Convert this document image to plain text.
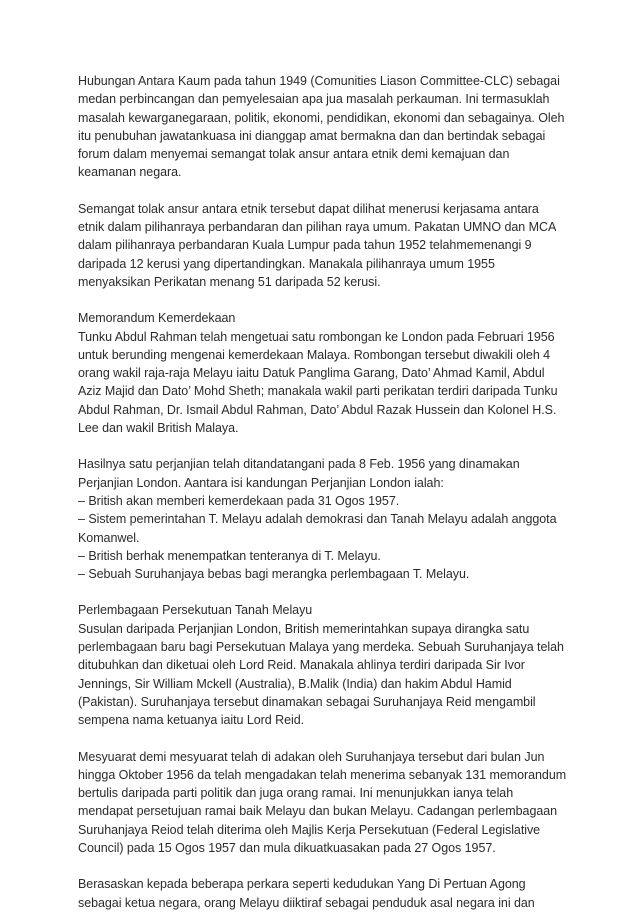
Hubungan Antara Kaum pada tahun 1949 (Comunities Liason Committee-CLC) sebagai
medan perbincangan dan pemyelesaian apa jua masalah perkauman. Ini termasuklah
masalah kewarganegaraan, politik, ekonomi, pendidikan, ekonomi dan sebagainya. Oleh
itu penubuhan jawatankuasa ini dianggap amat bermakna dan dan bertindak sebagai
forum dalam menyemai semangat tolak ansur antara etnik demi kemajuan dan
keamanan negara.

Semangat tolak ansur antara etnik tersebut dapat dilihat menerusi kerjasama antara
etnik dalam pilihanraya perbandaran dan pilihan raya umum. Pakatan UMNO dan MCA
dalam pilihanraya perbandaran Kuala Lumpur pada tahun 1952 telahmemenangi 9
daripada 12 kerusi yang dipertandingkan. Manakala pilihanraya umum 1955
menyaksikan Perikatan menang 51 daripada 52 kerusi.

Memorandum Kemerdekaan
Tunku Abdul Rahman telah mengetuai satu rombongan ke London pada Februari 1956
untuk berunding mengenai kemerdekaan Malaya. Rombongan tersebut diwakili oleh 4
orang wakil raja-raja Melayu iaitu Datuk Panglima Garang, Dato’ Ahmad Kamil, Abdul
Aziz Majid dan Dato’ Mohd Sheth; manakala wakil parti perikatan terdiri daripada Tunku
Abdul Rahman, Dr. Ismail Abdul Rahman, Dato’ Abdul Razak Hussein dan Kolonel H.S.
Lee dan wakil British Malaya.

Hasilnya satu perjanjian telah ditandatangani pada 8 Feb. 1956 yang dinamakan
Perjanjian London. Aantara isi kandungan Perjanjian London ialah:
– British akan memberi kemerdekaan pada 31 Ogos 1957.
– Sistem pemerintahan T. Melayu adalah demokrasi dan Tanah Melayu adalah anggota
Komanwel.
– British berhak menempatkan tenteranya di T. Melayu.
– Sebuah Suruhanjaya bebas bagi merangka perlembagaan T. Melayu.

Perlembagaan Persekutuan Tanah Melayu
Susulan daripada Perjanjian London, British memerintahkan supaya dirangka satu
perlembagaan baru bagi Persekutuan Malaya yang merdeka. Sebuah Suruhanjaya telah
ditubuhkan dan diketuai oleh Lord Reid. Manakala ahlinya terdiri daripada Sir Ivor
Jennings, Sir William Mckell (Australia), B.Malik (India) dan hakim Abdul Hamid
(Pakistan). Suruhanjaya tersebut dinamakan sebagai Suruhanjaya Reid mengambil
sempena nama ketuanya iaitu Lord Reid.

Mesyuarat demi mesyuarat telah di adakan oleh Suruhanjaya tersebut dari bulan Jun
hingga Oktober 1956 da telah mengadakan telah menerima sebanyak 131 memorandum
bertulis daripada parti politik dan juga orang ramai. Ini menunjukkan ianya telah
mendapat persetujuan ramai baik Melayu dan bukan Melayu. Cadangan perlembagaan
Suruhanjaya Reiod telah diterima oleh Majlis Kerja Persekutuan (Federal Legislative
Council) pada 15 Ogos 1957 dan mula dikuatkuasakan pada 27 Ogos 1957.

Berasaskan kepada beberapa perkara seperti kedudukan Yang Di Pertuan Agong
sebagai ketua negara, orang Melayu diiktiraf sebagai penduduk asal negara ini dan
